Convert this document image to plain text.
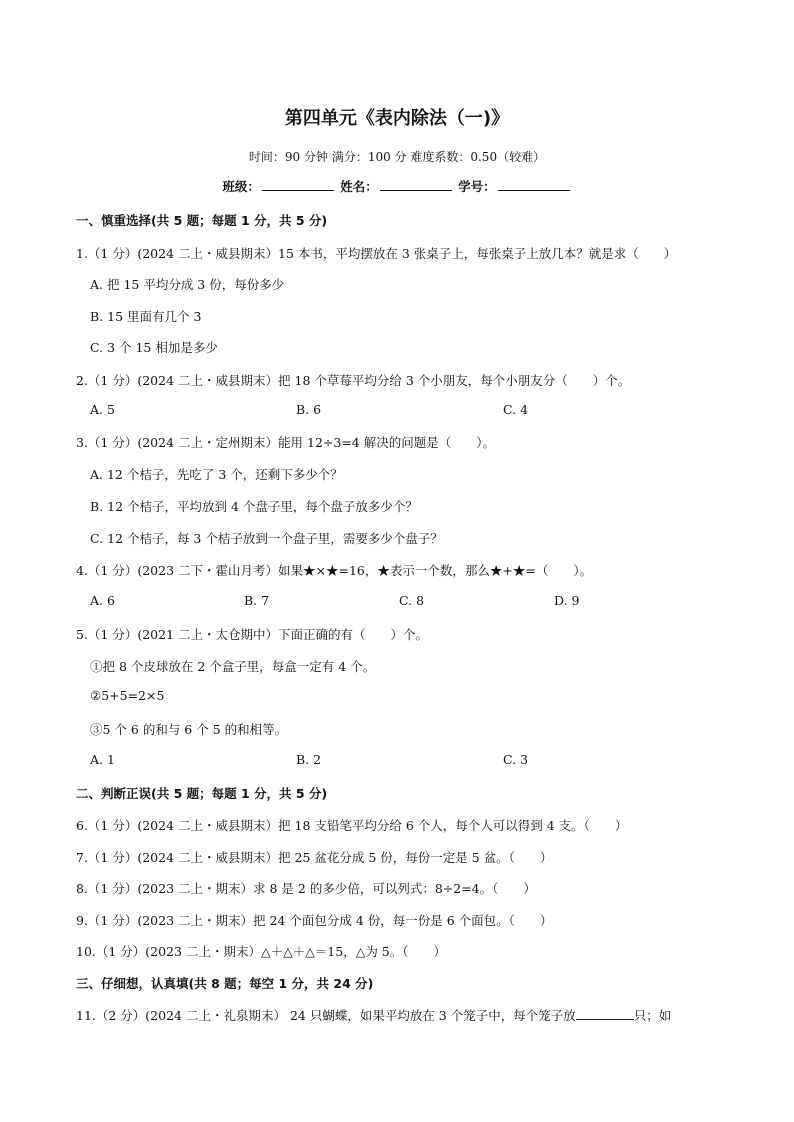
第四单元《表内除法（一)》
时间：90 分钟 满分：100 分 难度系数：0.50（较难）
班级：	姓名：	学号：
一、慎重选择(共 5 题；每题 1 分，共 5 分)
1.（1 分）(2024 二上・威县期末）15 本书，平均摆放在 3 张桌子上，每张桌子上放几本？就是求（　　）
A. 把 15 平均分成 3 份，每份多少
B. 15 里面有几个 3
C. 3 个 15 相加是多少
2.（1 分）(2024 二上・威县期末）把 18 个草莓平均分给 3 个小朋友，每个小朋友分（　　）个。
A. 5	B. 6	C. 4
3.（1 分）(2024 二上・定州期末）能用 12÷3=4 解决的问题是（　　）。
A. 12 个桔子，先吃了 3 个，还剩下多少个？
B. 12 个桔子，平均放到 4 个盘子里，每个盘子放多少个？
C. 12 个桔子，每 3 个桔子放到一个盘子里，需要多少个盘子？
4.（1 分）(2023 二下・霍山月考）如果★×★=16，★表示一个数，那么★+★=（　　）。
A. 6	B. 7	C. 8	D. 9
5.（1 分）(2021 二上・太仓期中）下面正确的有（　　）个。
①把 8 个皮球放在 2 个盒子里，每盒一定有 4 个。
②5+5=2×5
③5 个 6 的和与 6 个 5 的和相等。
A. 1	B. 2	C. 3
二、判断正误(共 5 题；每题 1 分，共 5 分)
6.（1 分）(2024 二上・威县期末）把 18 支铅笔平均分给 6 个人，每个人可以得到 4 支。（　　）
7.（1 分）(2024 二上・威县期末）把 25 盆花分成 5 份，每份一定是 5 盆。（　　）
8.（1 分）(2023 二上・期末）求 8 是 2 的多少倍，可以列式：8÷2=4。（　　）
9.（1 分）(2023 二上・期末）把 24 个面包分成 4 份，每一份是 6 个面包。（　　）
10.（1 分）(2023 二上・期末）△＋△＋△＝15，△为 5。（　　）
三、仔细想，认真填(共 8 题；每空 1 分，共 24 分)
11.（2 分）(2024 二上・礼泉期末） 24 只蝴蝶，如果平均放在 3 个笼子中，每个笼子放	只；如
